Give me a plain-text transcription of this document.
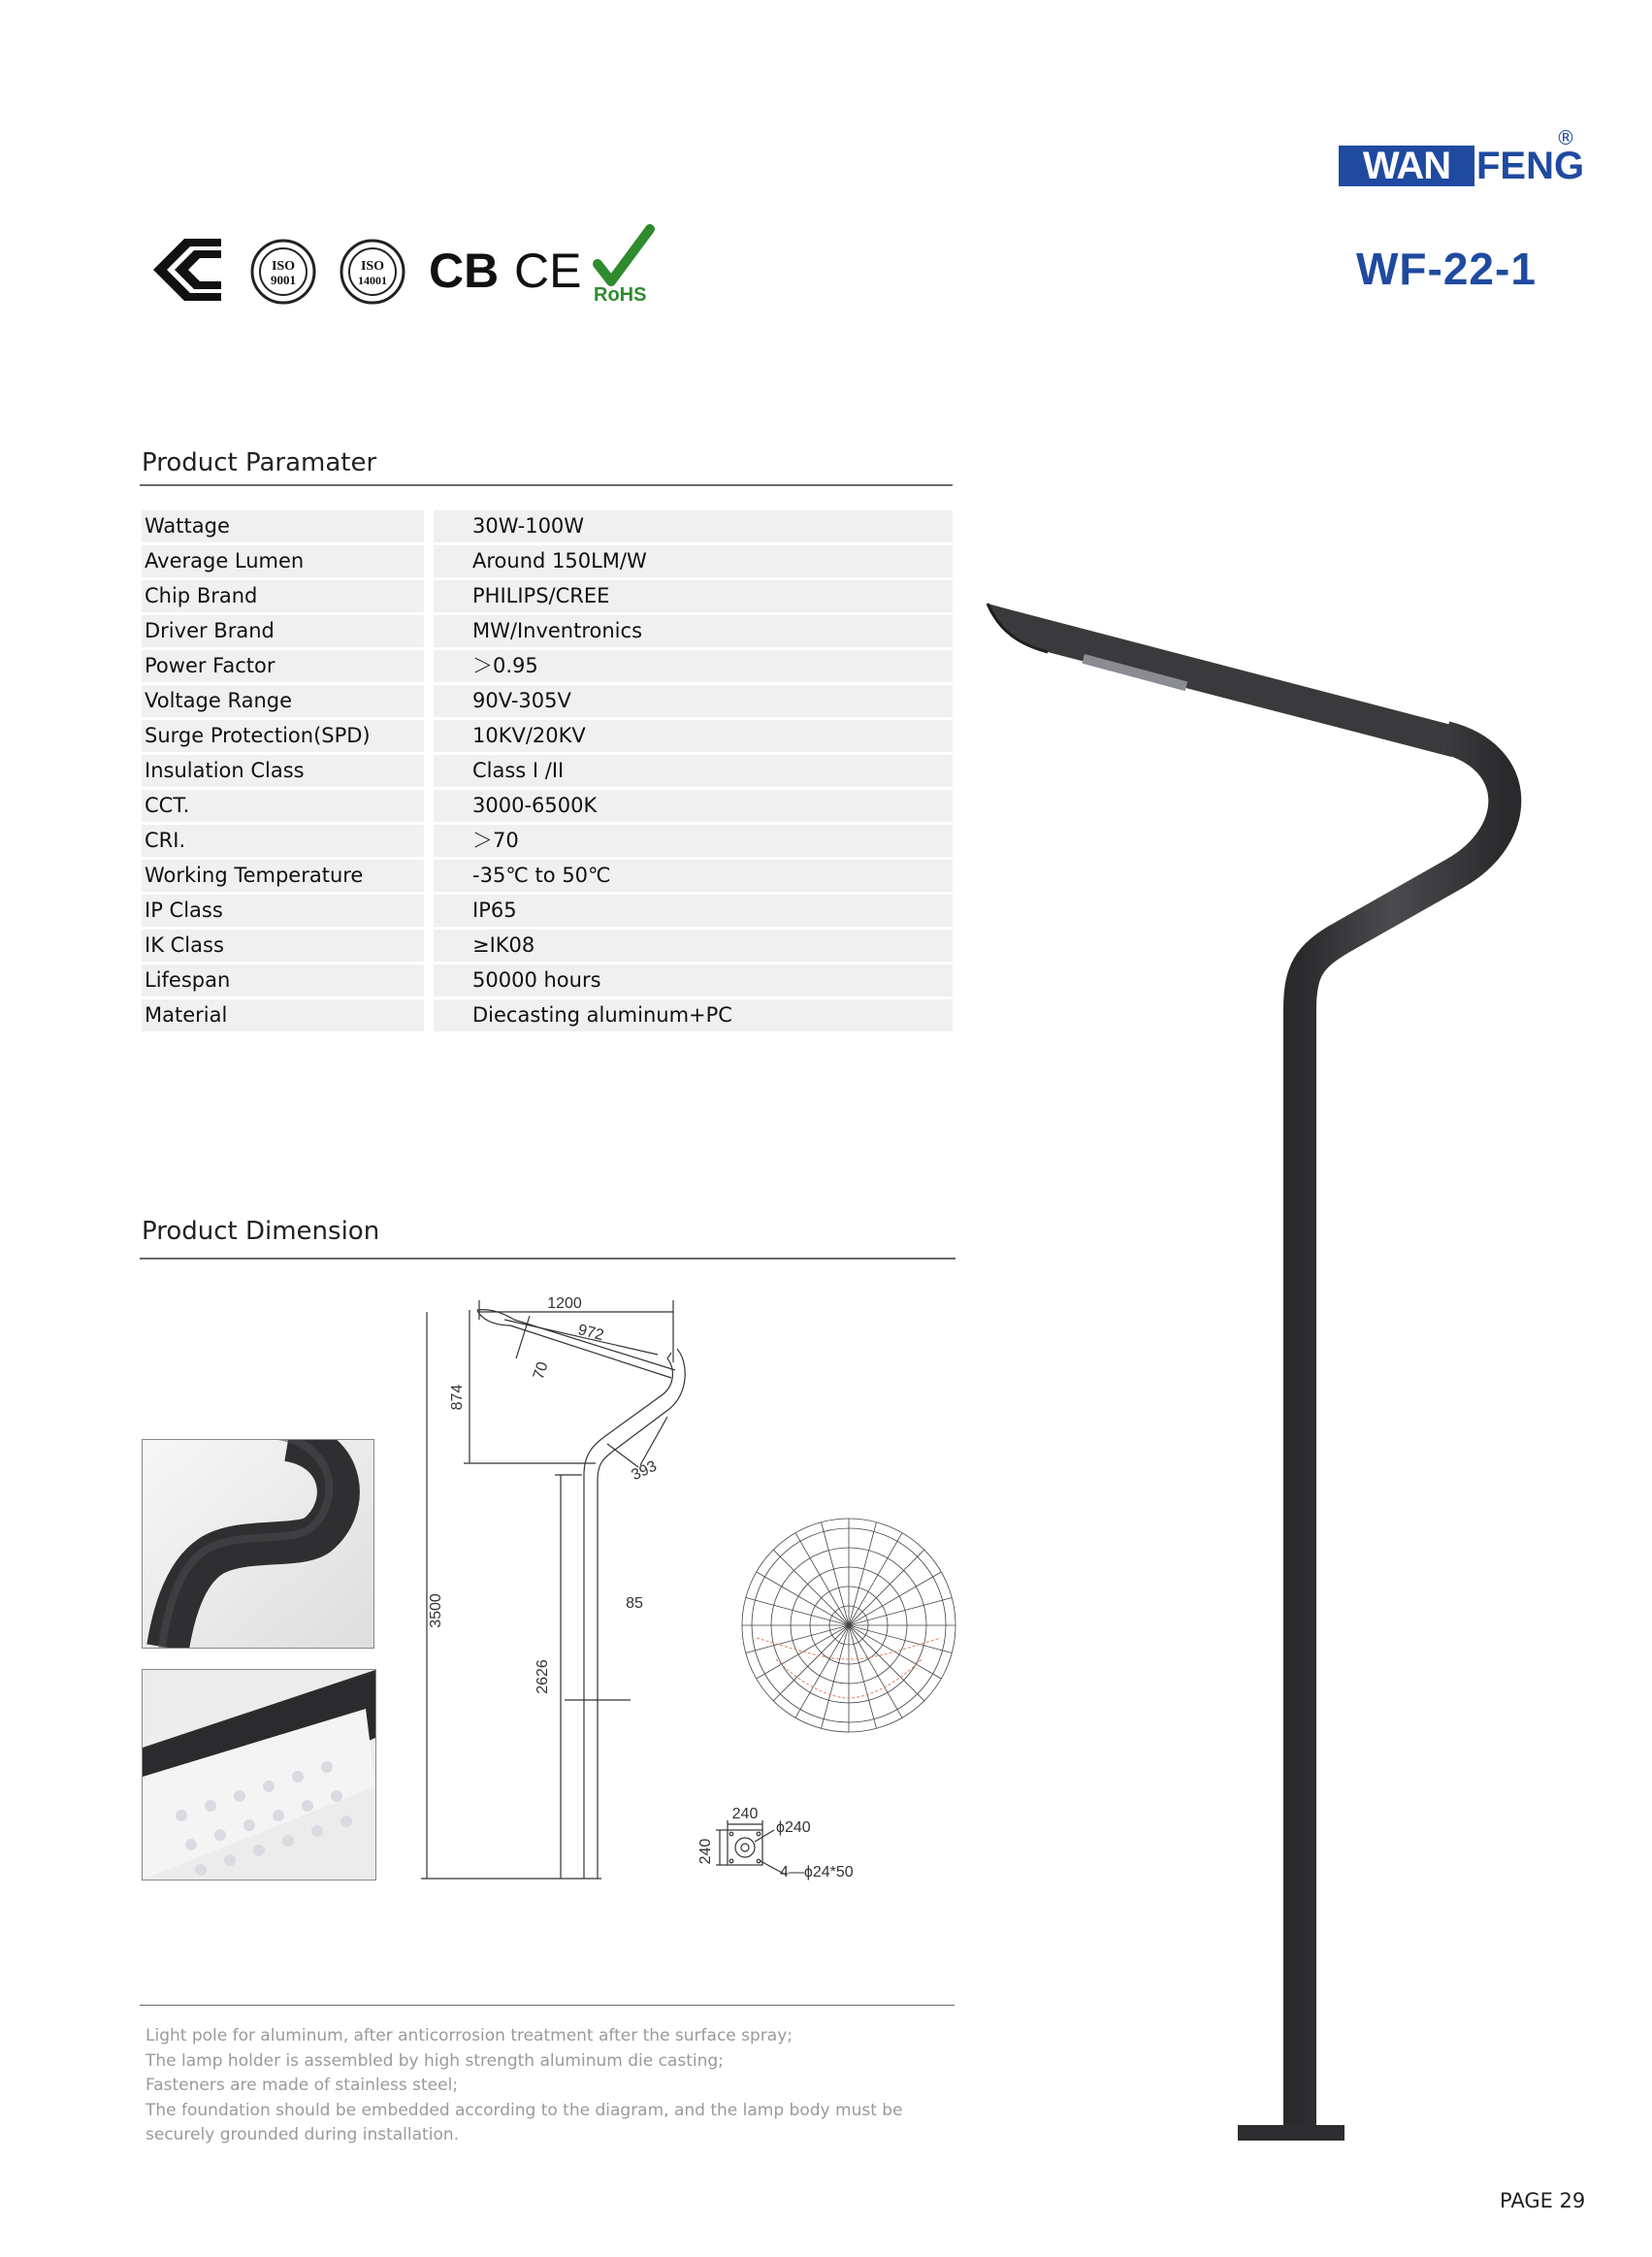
WAN FENG
®
WF-22-1
ISO
9001
ISO
14001 CB CE RoHS
Product Paramater
Wattage	30W-100W
Average Lumen	Around 150LM/W
Chip Brand	PHILIPS/CREE
Driver Brand	MW/Inventronics
Power Factor	＞0.95
Voltage Range	90V-305V
Surge Protection(SPD)	10KV/20KV
Insulation Class	Class I /II
CCT.	3000-6500K
CRI.	＞70
Working Temperature	-35℃ to 50℃
IP Class	IP65
IK Class	≥IK08
Lifespan	50000 hours
Material	Diecasting aluminum+PC
Product Dimension
1200
972
70
874
393
3500	85
2626
240
240
ϕ240
4—ϕ24*50
Light pole for aluminum, after anticorrosion treatment after the surface spray;
The lamp holder is assembled by high strength aluminum die casting;
Fasteners are made of stainless steel;
The foundation should be embedded according to the diagram, and the lamp body must be securely grounded during installation.
PAGE 29
